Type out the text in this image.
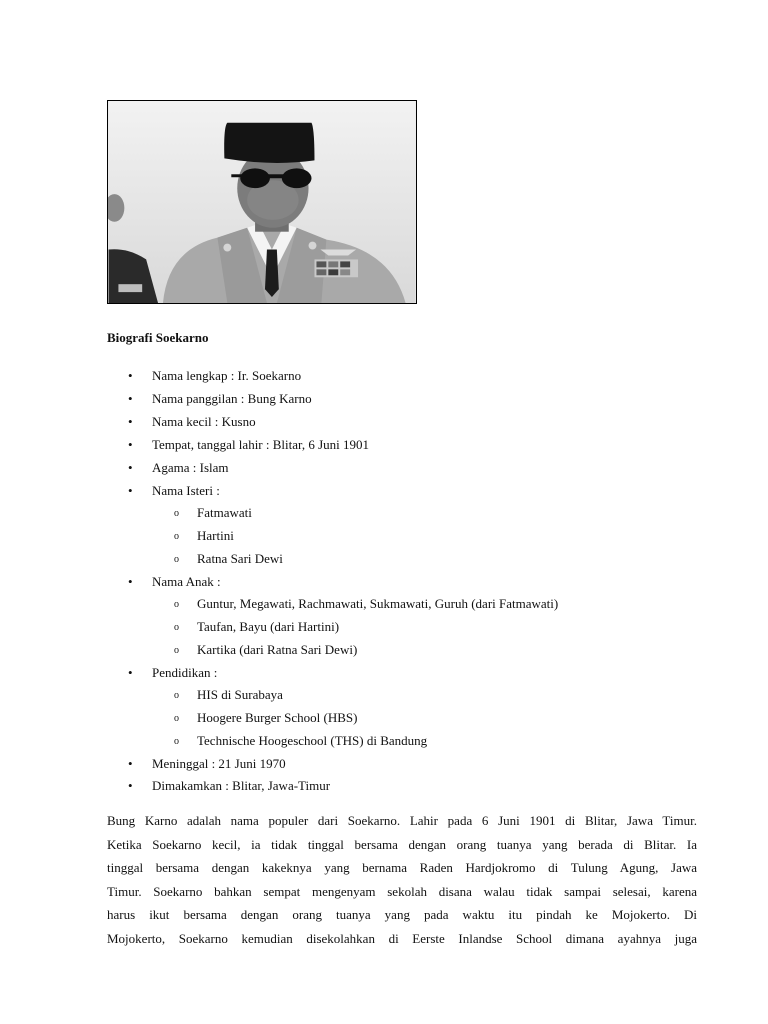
Biografi Soekarno

• Nama lengkap : Ir. Soekarno
• Nama panggilan : Bung Karno
• Nama kecil : Kusno
• Tempat, tanggal lahir : Blitar, 6 Juni 1901
• Agama : Islam
• Nama Isteri :
o Fatmawati
o Hartini
o Ratna Sari Dewi
• Nama Anak :
o Guntur, Megawati, Rachmawati, Sukmawati, Guruh (dari Fatmawati)
o Taufan, Bayu (dari Hartini)
o Kartika (dari Ratna Sari Dewi)
• Pendidikan :
o HIS di Surabaya
o Hoogere Burger School (HBS)
o Technische Hoogeschool (THS) di Bandung
• Meninggal : 21 Juni 1970
• Dimakamkan : Blitar, Jawa-Timur

Bung Karno adalah nama populer dari Soekarno. Lahir pada 6 Juni 1901 di Blitar, Jawa Timur.
Ketika Soekarno kecil, ia tidak tinggal bersama dengan orang tuanya yang berada di Blitar. Ia
tinggal bersama dengan kakeknya yang bernama Raden Hardjokromo di Tulung Agung, Jawa
Timur. Soekarno bahkan sempat mengenyam sekolah disana walau tidak sampai selesai, karena
harus ikut bersama dengan orang tuanya yang pada waktu itu pindah ke Mojokerto. Di
Mojokerto, Soekarno kemudian disekolahkan di Eerste Inlandse School dimana ayahnya juga
